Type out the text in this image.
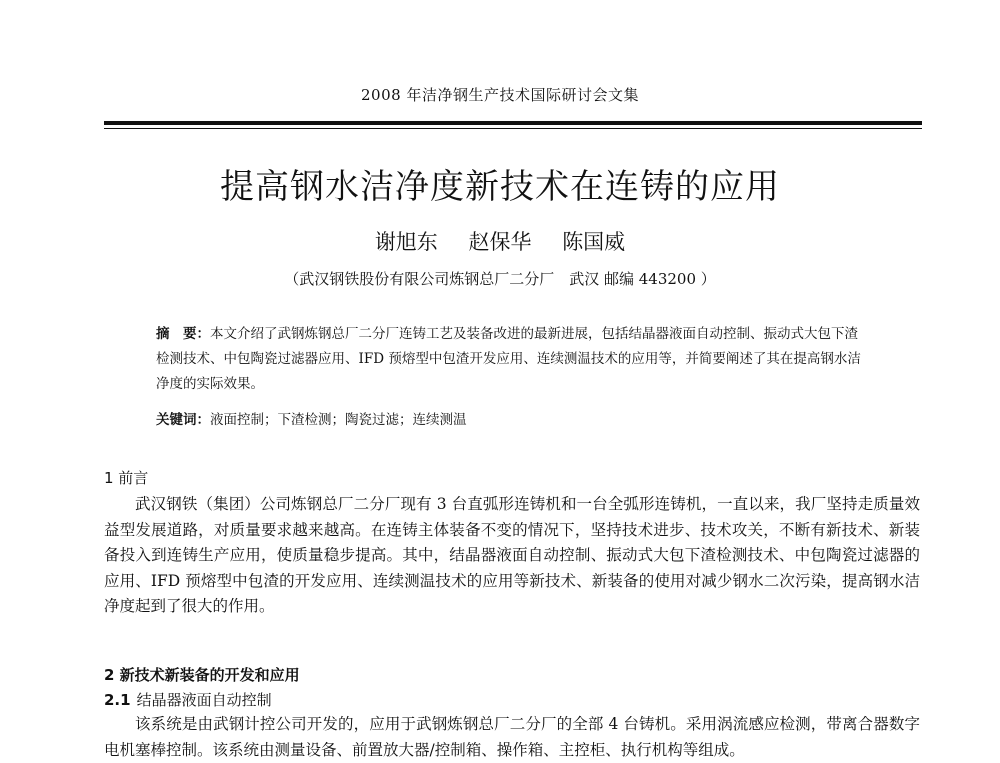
2008 年洁净钢生产技术国际研讨会文集
提高钢水洁净度新技术在连铸的应用
谢旭东 赵保华 陈国威
（武汉钢铁股份有限公司炼钢总厂二分厂　武汉 邮编 443200 ）
摘　要：本文介绍了武钢炼钢总厂二分厂连铸工艺及装备改进的最新进展，包括结晶器液面自动控制、振动式大包下渣检测技术、中包陶瓷过滤器应用、IFD 预熔型中包渣开发应用、连续测温技术的应用等，并简要阐述了其在提高钢水洁净度的实际效果。
关键词：液面控制；下渣检测；陶瓷过滤；连续测温
1 前言
武汉钢铁（集团）公司炼钢总厂二分厂现有 3 台直弧形连铸机和一台全弧形连铸机，一直以来，我厂坚持走质量效益型发展道路，对质量要求越来越高。在连铸主体装备不变的情况下，坚持技术进步、技术攻关，不断有新技术、新装备投入到连铸生产应用，使质量稳步提高。其中，结晶器液面自动控制、振动式大包下渣检测技术、中包陶瓷过滤器的应用、IFD 预熔型中包渣的开发应用、连续测温技术的应用等新技术、新装备的使用对减少钢水二次污染，提高钢水洁净度起到了很大的作用。
2 新技术新装备的开发和应用
2.1 结晶器液面自动控制
该系统是由武钢计控公司开发的，应用于武钢炼钢总厂二分厂的全部 4 台铸机。采用涡流感应检测，带离合器数字电机塞棒控制。该系统由测量设备、前置放大器/控制箱、操作箱、主控柜、执行机构等组成。
